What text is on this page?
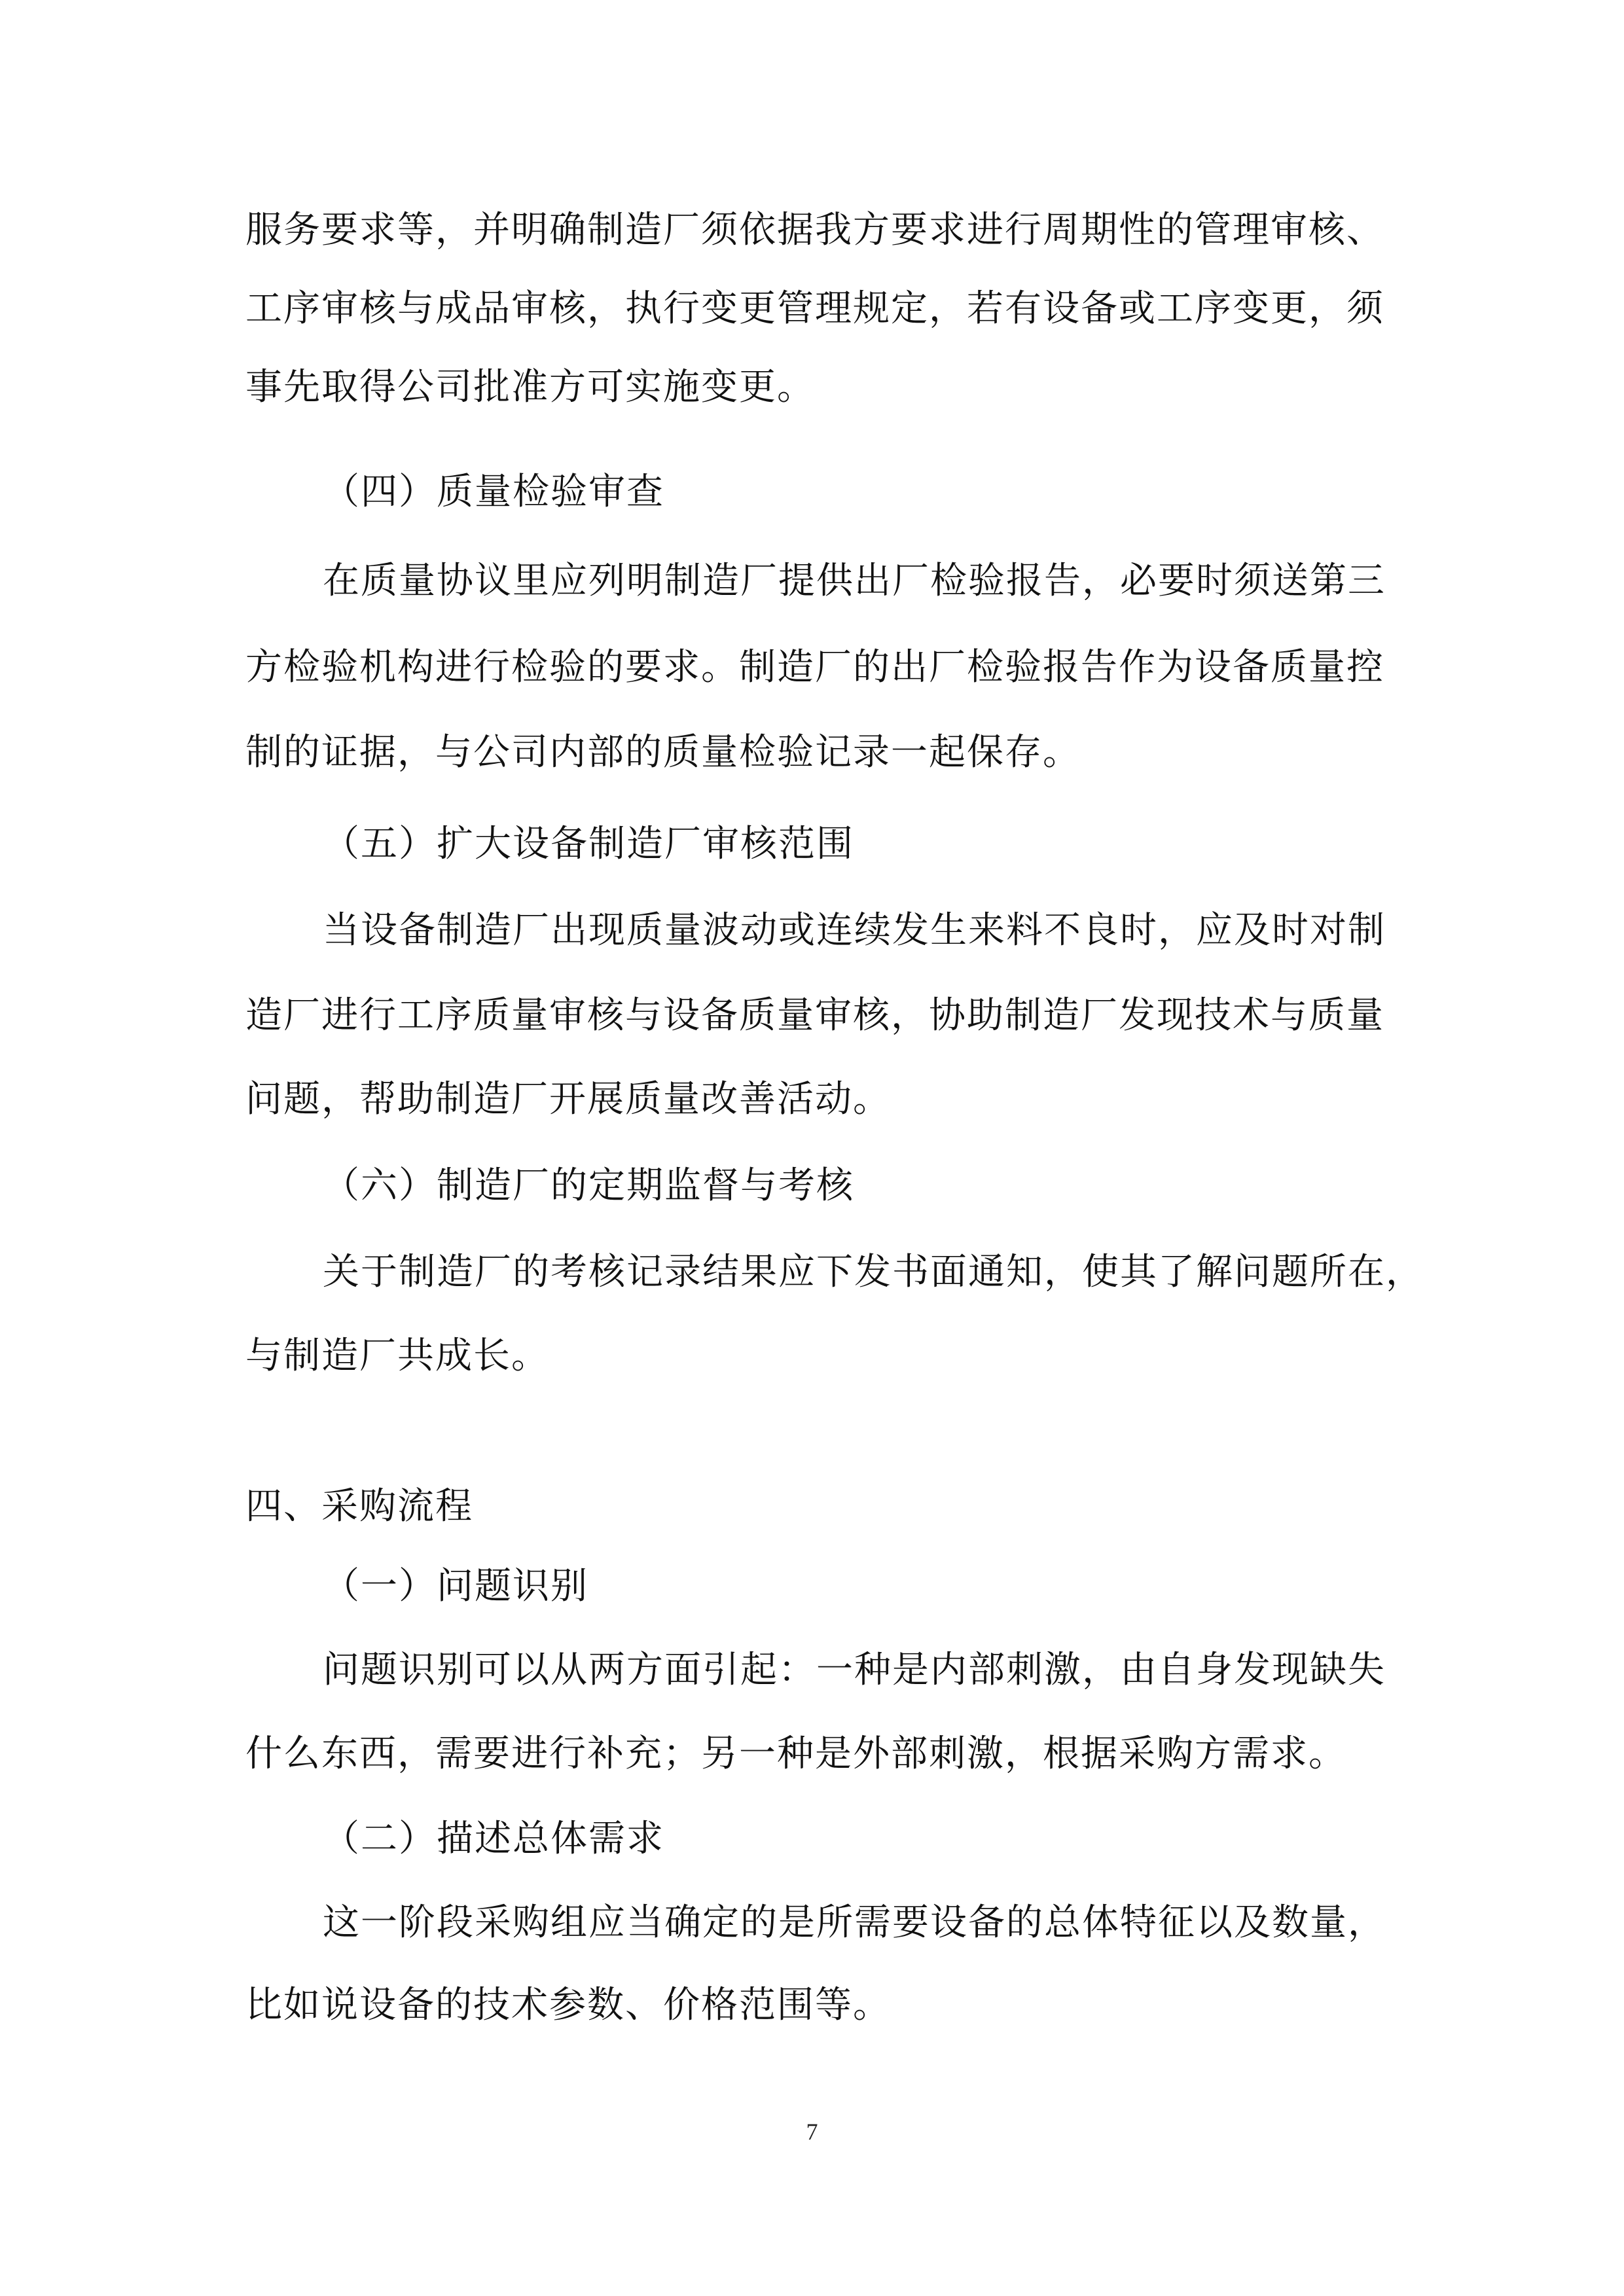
服务要求等，并明确制造厂须依据我方要求进行周期性的管理审核、
工序审核与成品审核，执行变更管理规定，若有设备或工序变更，须
事先取得公司批准方可实施变更。
（四）质量检验审查
在质量协议里应列明制造厂提供出厂检验报告，必要时须送第三
方检验机构进行检验的要求。制造厂的出厂检验报告作为设备质量控
制的证据，与公司内部的质量检验记录一起保存。
（五）扩大设备制造厂审核范围
当设备制造厂出现质量波动或连续发生来料不良时，应及时对制
造厂进行工序质量审核与设备质量审核，协助制造厂发现技术与质量
问题，帮助制造厂开展质量改善活动。
（六）制造厂的定期监督与考核
关于制造厂的考核记录结果应下发书面通知，使其了解问题所在，
与制造厂共成长。
四、采购流程
（一）问题识别
问题识别可以从两方面引起：一种是内部刺激，由自身发现缺失
什么东西，需要进行补充；另一种是外部刺激，根据采购方需求。
（二）描述总体需求
这一阶段采购组应当确定的是所需要设备的总体特征以及数量，
比如说设备的技术参数、价格范围等。
7
